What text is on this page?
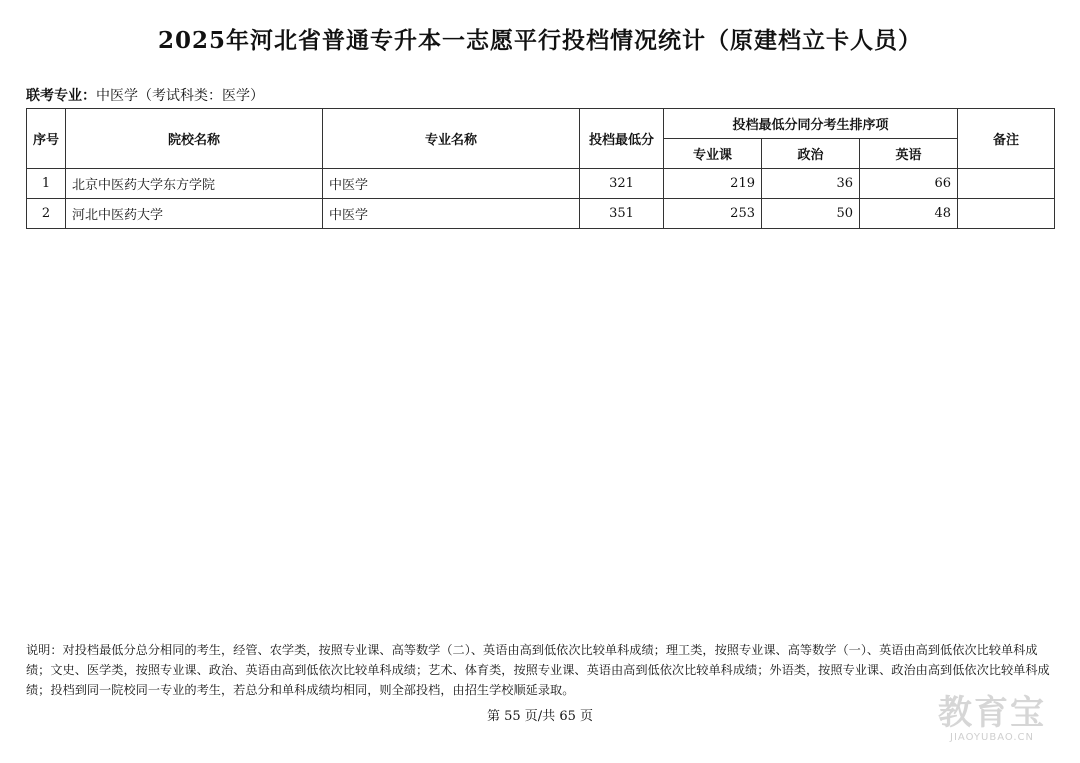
2025年河北省普通专升本一志愿平行投档情况统计（原建档立卡人员）
联考专业：中医学（考试科类：医学）
序号	院校名称	专业名称	投档最低分	投档最低分同分考生排序项			备注
				专业课	政治	英语	
1	北京中医药大学东方学院	中医学	321	219	36	66	
2	河北中医药大学	中医学	351	253	50	48	
说明：对投档最低分总分相同的考生，经管、农学类，按照专业课、高等数学（二）、英语由高到低依次比较单科成绩；理工类，按照专业课、高等数学（一）、英语由高到低依次比较单科成绩；文史、医学类，按照专业课、政治、英语由高到低依次比较单科成绩；艺术、体育类，按照专业课、英语由高到低依次比较单科成绩；外语类，按照专业课、政治由高到低依次比较单科成绩；投档到同一院校同一专业的考生，若总分和单科成绩均相同，则全部投档，由招生学校顺延录取。
第 55 页/共 65 页	教育宝
JIAOYUBAO.CN
